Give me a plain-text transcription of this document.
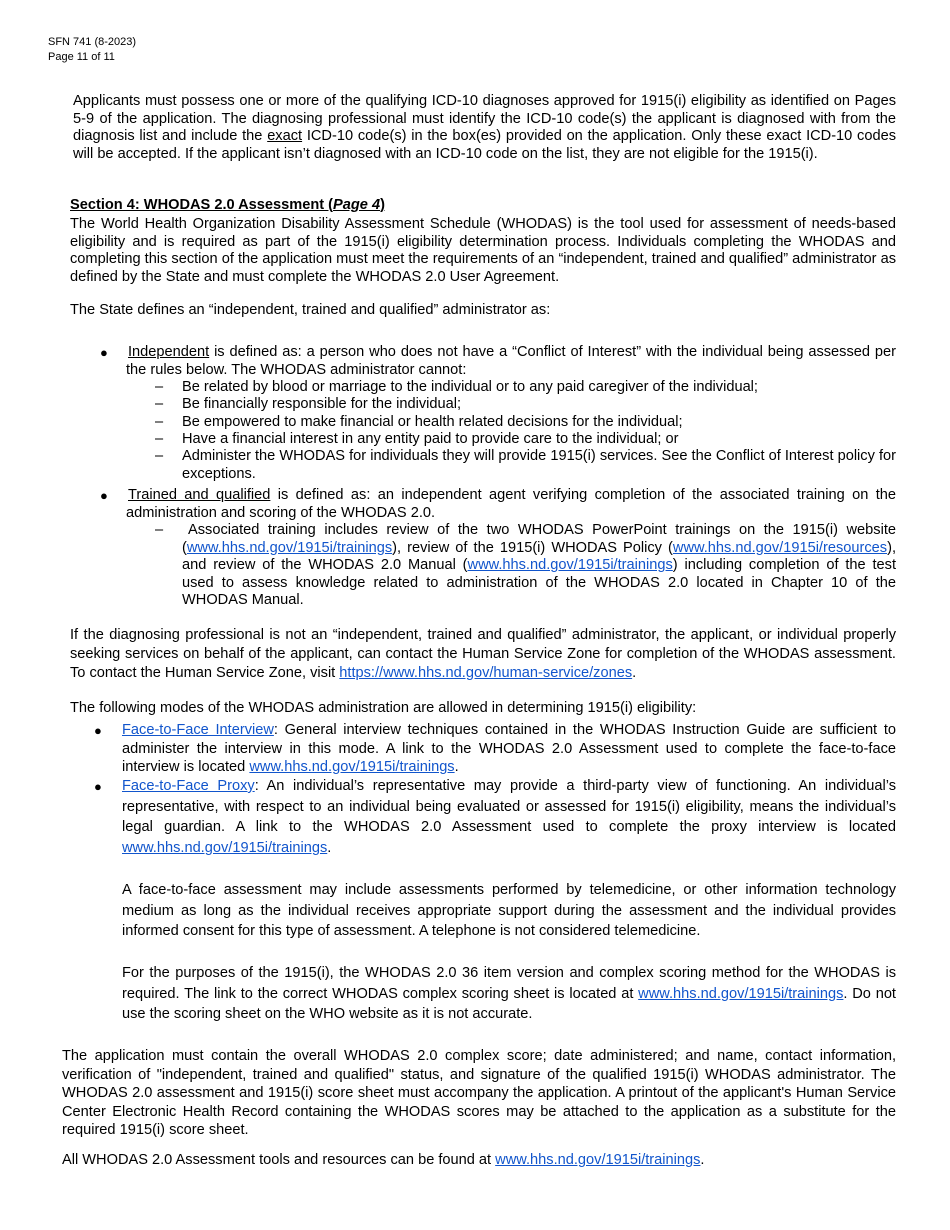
SFN 741 (8-2023)
Page 11 of 11
Applicants must possess one or more of the qualifying ICD-10 diagnoses approved for 1915(i) eligibility as identified on Pages 5-9 of the application. The diagnosing professional must identify the ICD-10 code(s) the applicant is diagnosed with from the diagnosis list and include the exact ICD-10 code(s) in the box(es) provided on the application. Only these exact ICD-10 codes will be accepted. If the applicant isn’t diagnosed with an ICD-10 code on the list, they are not eligible for the 1915(i).
Section 4: WHODAS 2.0 Assessment (Page 4)
The World Health Organization Disability Assessment Schedule (WHODAS) is the tool used for assessment of needs-based eligibility and is required as part of the 1915(i) eligibility determination process. Individuals completing the WHODAS and completing this section of the application must meet the requirements of an “independent, trained and qualified” administrator as defined by the State and must complete the WHODAS 2.0 User Agreement.
The State defines an “independent, trained and qualified” administrator as:
● Independent is defined as: a person who does not have a “Conflict of Interest” with the individual being assessed per the rules below. The WHODAS administrator cannot:
– Be related by blood or marriage to the individual or to any paid caregiver of the individual;
– Be financially responsible for the individual;
– Be empowered to make financial or health related decisions for the individual;
– Have a financial interest in any entity paid to provide care to the individual; or
– Administer the WHODAS for individuals they will provide 1915(i) services. See the Conflict of Interest policy for exceptions.
● Trained and qualified is defined as: an independent agent verifying completion of the associated training on the administration and scoring of the WHODAS 2.0.
–	Associated training includes review of the two WHODAS PowerPoint trainings on the 1915(i) website (www.hhs.nd.gov/1915i/trainings), review of the 1915(i) WHODAS Policy (www.hhs.nd.gov/1915i/resources), and review of the WHODAS 2.0 Manual (www.hhs.nd.gov/1915i/trainings) including completion of the test used to assess knowledge related to administration of the WHODAS 2.0 located in Chapter 10 of the WHODAS Manual.
If the diagnosing professional is not an “independent, trained and qualified” administrator, the applicant, or individual properly seeking services on behalf of the applicant, can contact the Human Service Zone for completion of the WHODAS assessment. To contact the Human Service Zone, visit https://www.hhs.nd.gov/human-service/zones.
The following modes of the WHODAS administration are allowed in determining 1915(i) eligibility:
● Face-to-Face Interview: General interview techniques contained in the WHODAS Instruction Guide are sufficient to administer the interview in this mode. A link to the WHODAS 2.0 Assessment used to complete the face-to-face interview is located www.hhs.nd.gov/1915i/trainings.
● Face-to-Face Proxy: An individual’s representative may provide a third-party view of functioning. An individual’s representative, with respect to an individual being evaluated or assessed for 1915(i) eligibility, means the individual’s legal guardian. A link to the WHODAS 2.0 Assessment used to complete the proxy interview is located www.hhs.nd.gov/1915i/trainings.
A face-to-face assessment may include assessments performed by telemedicine, or other information technology medium as long as the individual receives appropriate support during the assessment and the individual provides informed consent for this type of assessment. A telephone is not considered telemedicine.
For the purposes of the 1915(i), the WHODAS 2.0 36 item version and complex scoring method for the WHODAS is required. The link to the correct WHODAS complex scoring sheet is located at www.hhs.nd.gov/1915i/trainings. Do not use the scoring sheet on the WHO website as it is not accurate.
The application must contain the overall WHODAS 2.0 complex score; date administered; and name, contact information, verification of "independent, trained and qualified" status, and signature of the qualified 1915(i) WHODAS administrator. The WHODAS 2.0 assessment and 1915(i) score sheet must accompany the application. A printout of the applicant's Human Service Center Electronic Health Record containing the WHODAS scores may be attached to the application as a substitute for the required 1915(i) score sheet.
All WHODAS 2.0 Assessment tools and resources can be found at www.hhs.nd.gov/1915i/trainings.
